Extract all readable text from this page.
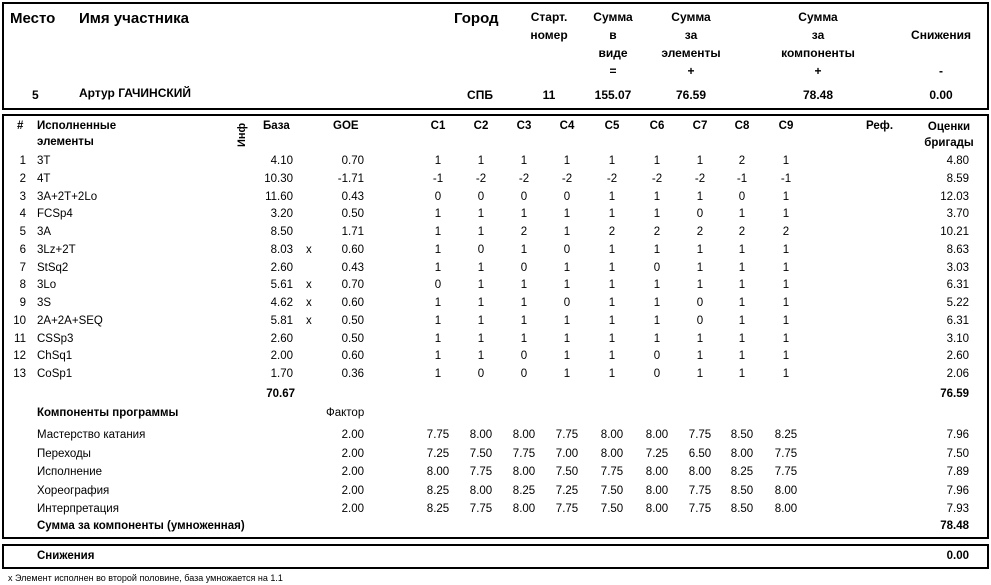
Место Имя участника	Город	Старт.
номер
Сумма
в
виде
=
Сумма
за
элементы
+
Сумма
за
компоненты
+
Снижения
-
5	Артур ГАЧИНСКИЙ	СПБ	11	155.07	76.59	78.48	0.00
# Исполненные
элементы	Инф База	GOE	C1 C2 C3 C4	C5	C6 C7 C8	C9	Реф.	Оценки
бригады
1 3T	4.10	0.70	1	1	1	1	1	1	1	2	1	4.80
2 4T	10.30	-1.71	-1	-2	-2	-2	-2	-2	-2	-1	-1	8.59
3 3A+2T+2Lo	11.60	0.43	0	0	0	0	1	1	1	0	1	12.03
4 FCSp4	3.20	0.50	1	1	1	1	1	1	0	1	1	3.70
5 3A	8.50	1.71	1	1	2	1	2	2	2	2	2	10.21
6 3Lz+2T	8.03 x	0.60	1	0	1	0	1	1	1	1	1	8.63
7 StSq2	2.60	0.43	1	1	0	1	1	0	1	1	1	3.03
8 3Lo	5.61 x	0.70	0	1	1	1	1	1	1	1	1	6.31
9 3S	4.62 x	0.60	1	1	1	0	1	1	0	1	1	5.22
10 2A+2A+SEQ	5.81 x	0.50	1	1	1	1	1	1	0	1	1	6.31
11 CSSp3	2.60	0.50	1	1	1	1	1	1	1	1	1	3.10
12 ChSq1	2.00	0.60	1	1	0	1	1	0	1	1	1	2.60
13 CoSp1	1.70	0.36	1	0	0	1	1	0	1	1	1	2.06
70.67	76.59
Компоненты программы	Фактор
Мастерство катания	2.00	7.75 8.00 8.00 7.75 8.00 8.00 7.75 8.50 8.25	7.96
Переходы	2.00	7.25 7.50 7.75 7.00 8.00 7.25 6.50 8.00 7.75	7.50
Исполнение	2.00	8.00 7.75 8.00 7.50 7.75 8.00 8.00 8.25 7.75	7.89
Хореография	2.00	8.25 8.00 8.25 7.25 7.50 8.00 7.75 8.50 8.00	7.96
Интерпретация	2.00	8.25 7.75 8.00 7.75 7.50 8.00 7.75 8.50 8.00	7.93
Сумма за компоненты (умноженная)	78.48
Снижения	0.00
x Элемент исполнен во второй половине, база умножается на 1.1
